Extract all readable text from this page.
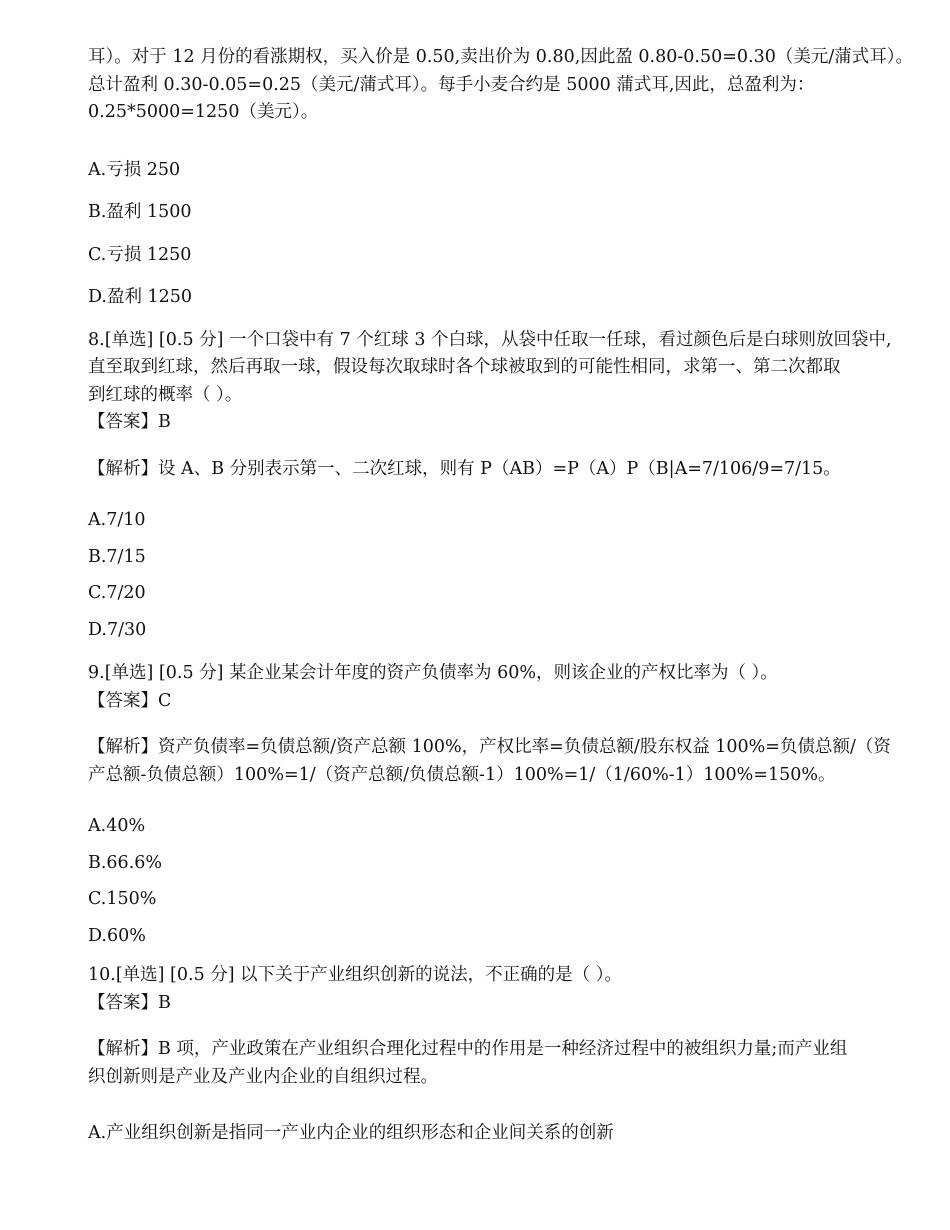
耳）。对于 12 月份的看涨期权，买入价是 0.50,卖出价为 0.80,因此盈 0.80-0.50=0.30（美元/蒲式耳）。

总计盈利 0.30-0.05=0.25（美元/蒲式耳）。每手小麦合约是 5000 蒲式耳,因此，总盈利为：

0.25*5000=1250（美元）。

A.亏损 250

B.盈利 1500

C.亏损 1250

D.盈利 1250

8.[单选] [0.5 分] 一个口袋中有 7 个红球 3 个白球，从袋中任取一任球，看过颜色后是白球则放回袋中,

直至取到红球，然后再取一球，假设每次取球时各个球被取到的可能性相同，求第一、第二次都取

到红球的概率（ ）。

【答案】B

【解析】设 A、B 分别表示第一、二次红球，则有 P（AB）=P（A）P（B|A=7/106/9=7/15。

A.7/10

B.7/15

C.7/20

D.7/30

9.[单选] [0.5 分] 某企业某会计年度的资产负债率为 60%，则该企业的产权比率为（ ）。

【答案】C

【解析】资产负债率=负债总额/资产总额 100%，产权比率=负债总额/股东权益 100%=负债总额/（资

产总额-负债总额）100%=1/（资产总额/负债总额-1）100%=1/（1/60%-1）100%=150%。

A.40%

B.66.6%

C.150%

D.60%

10.[单选] [0.5 分] 以下关于产业组织创新的说法，不正确的是（ ）。

【答案】B

【解析】B 项，产业政策在产业组织合理化过程中的作用是一种经济过程中的被组织力量;而产业组

织创新则是产业及产业内企业的自组织过程。

A.产业组织创新是指同一产业内企业的组织形态和企业间关系的创新
